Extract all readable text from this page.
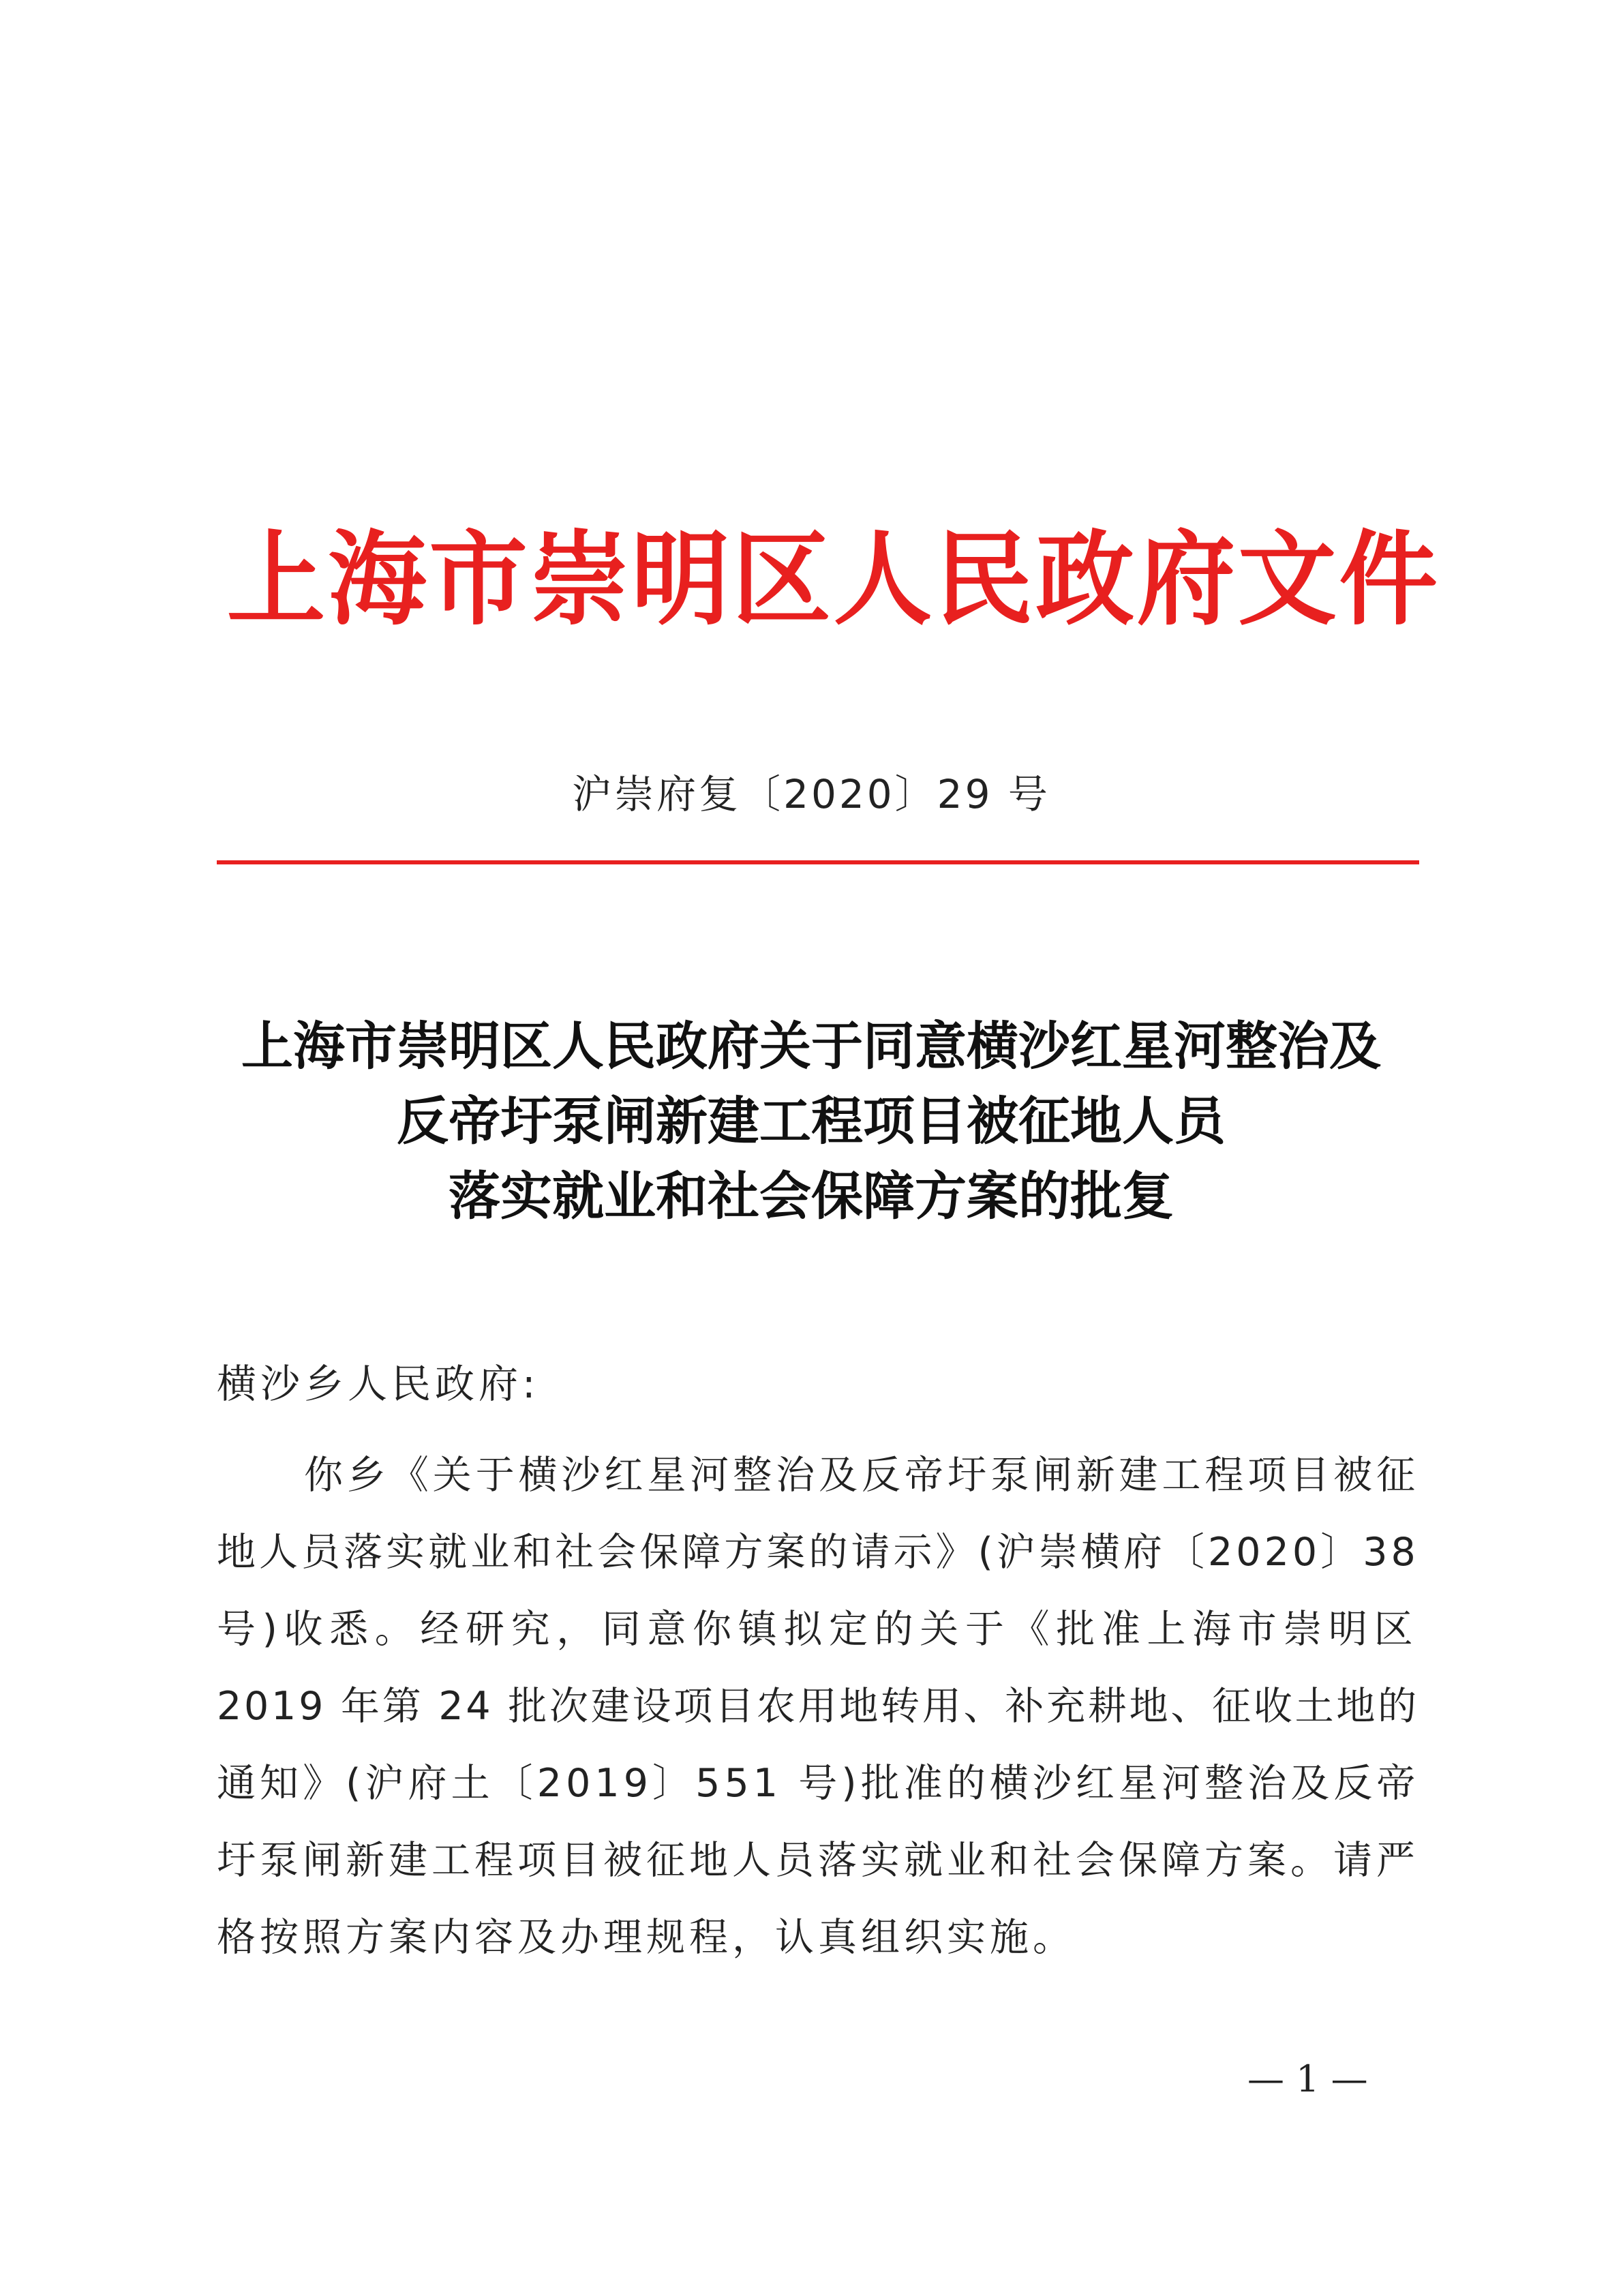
上海市崇明区人民政府文件
沪崇府复〔2020〕29 号
上海市崇明区人民政府关于同意横沙红星河整治及
反帝圩泵闸新建工程项目被征地人员
落实就业和社会保障方案的批复
横沙乡人民政府:
你乡《关于横沙红星河整治及反帝圩泵闸新建工程项目被征
地人员落实就业和社会保障方案的请示》(沪崇横府〔2020〕38
号)收悉。经研究，同意你镇拟定的关于《批准上海市崇明区
2019 年第 24 批次建设项目农用地转用、补充耕地、征收土地的
通知》(沪府土〔2019〕551 号)批准的横沙红星河整治及反帝
圩泵闸新建工程项目被征地人员落实就业和社会保障方案。请严
格按照方案内容及办理规程，认真组织实施。
— 1 —
